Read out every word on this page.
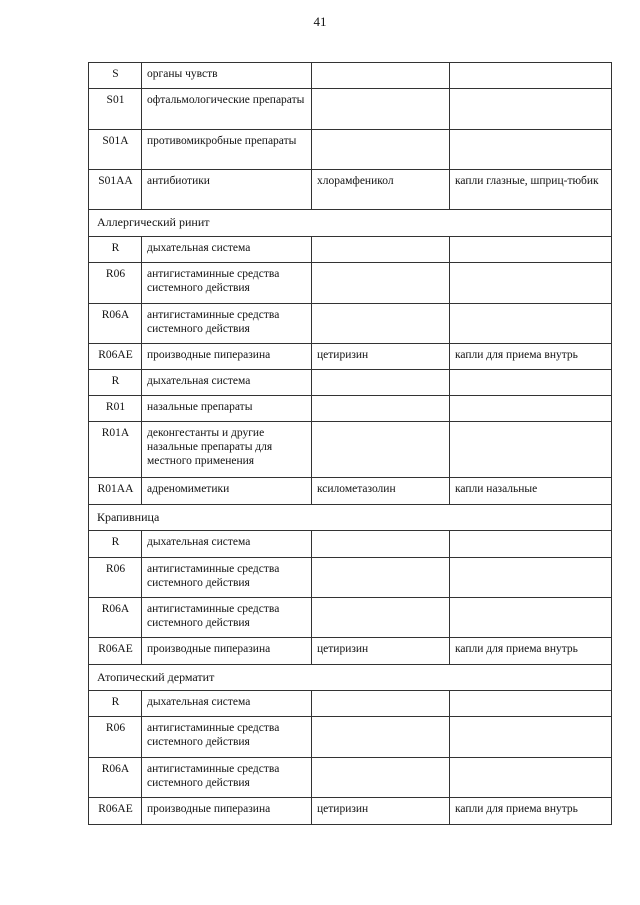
41
S	органы чувств		
S01	офтальмологические препараты		
S01A	противомикробные препараты		
S01AA	антибиотики	хлорамфеникол	капли глазные, шприц-тюбик
Аллергический ринит			
R	дыхательная система		
R06	антигистаминные средства системного действия		
R06A	антигистаминные средства системного действия		
R06AE	производные пиперазина	цетиризин	капли для приема внутрь
R	дыхательная система		
R01	назальные препараты		
R01A	деконгестанты и другие назальные препараты для местного применения		
R01AA	адреномиметики	ксилометазолин	капли назальные
Крапивница			
R	дыхательная система		
R06	антигистаминные средства системного действия		
R06A	антигистаминные средства системного действия		
R06AE	производные пиперазина	цетиризин	капли для приема внутрь
Атопический дерматит			
R	дыхательная система		
R06	антигистаминные средства системного действия		
R06A	антигистаминные средства системного действия		
R06AE	производные пиперазина	цетиризин	капли для приема внутрь
